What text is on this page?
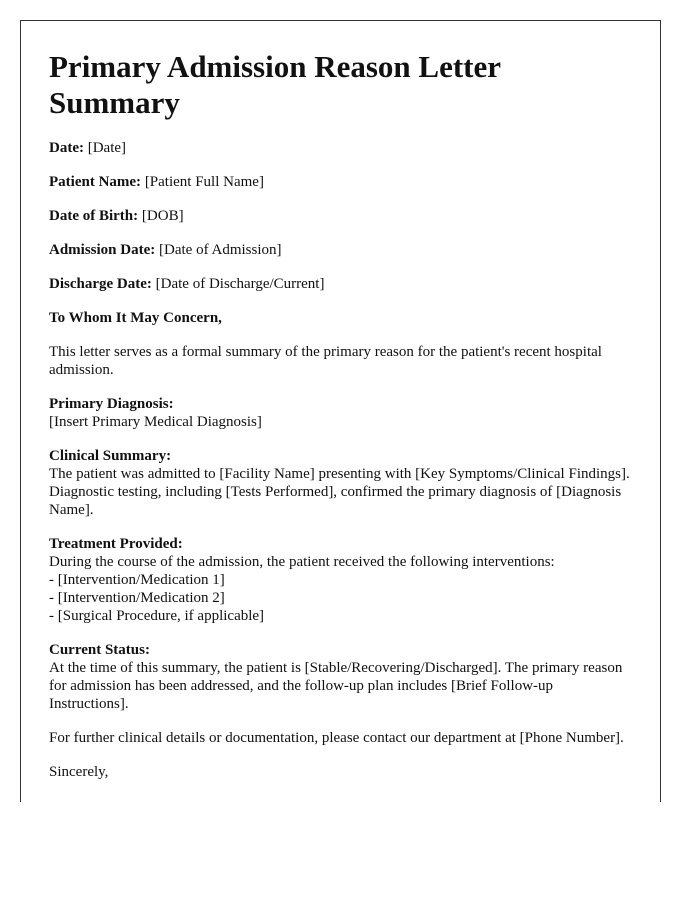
Primary Admission Reason Letter Summary

Date: [Date]

Patient Name: [Patient Full Name]

Date of Birth: [DOB]

Admission Date: [Date of Admission]

Discharge Date: [Date of Discharge/Current]

To Whom It May Concern,

This letter serves as a formal summary of the primary reason for the patient's recent hospital admission.

Primary Diagnosis:
[Insert Primary Medical Diagnosis]
Clinical Summary:
The patient was admitted to [Facility Name] presenting with [Key Symptoms/Clinical Findings]. Diagnostic testing, including [Tests Performed], confirmed the primary diagnosis of [Diagnosis Name].
Treatment Provided:
During the course of the admission, the patient received the following interventions:
- [Intervention/Medication 1]
- [Intervention/Medication 2]
- [Surgical Procedure, if applicable]
Current Status:
At the time of this summary, the patient is [Stable/Recovering/Discharged]. The primary reason for admission has been addressed, and the follow-up plan includes [Brief Follow-up Instructions].

For further clinical details or documentation, please contact our department at [Phone Number].

Sincerely,
